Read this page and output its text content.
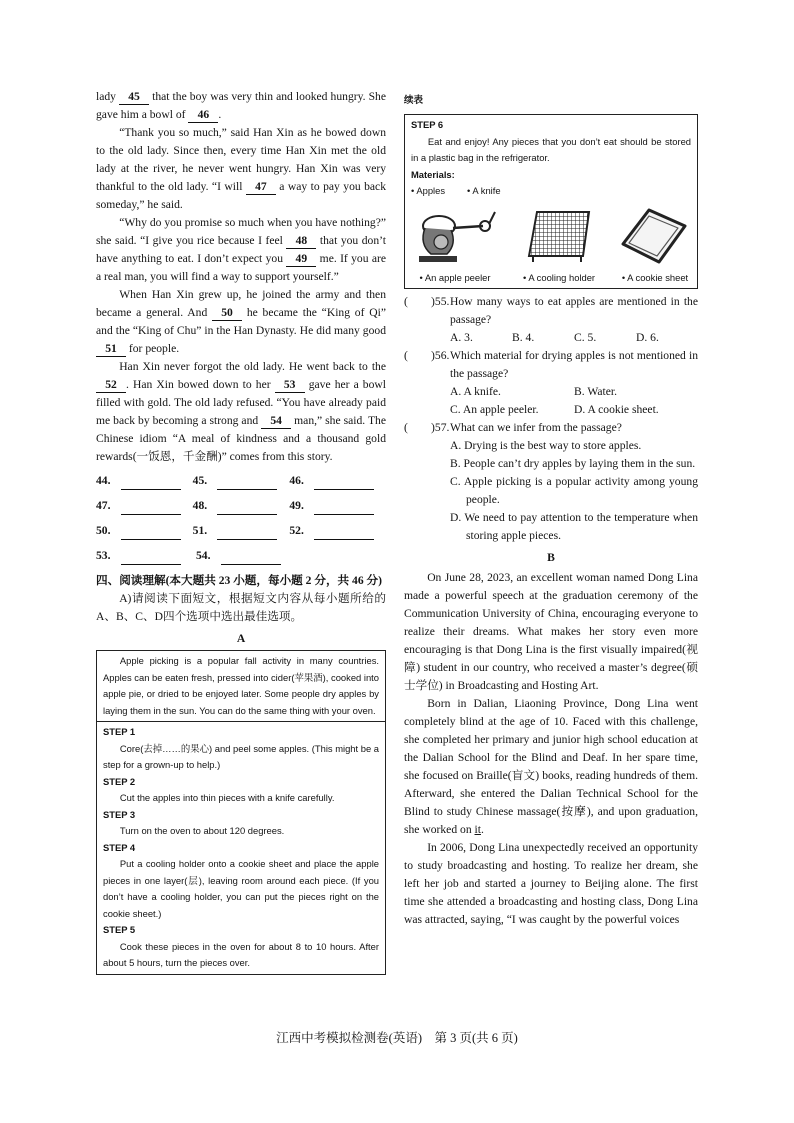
lady 45 that the boy was very thin and looked hungry. She gave him a bowl of 46 .

“Thank you so much,” said Han Xin as he bowed down to the old lady. Since then, every time Han Xin met the old lady at the river, he never went hungry. Han Xin was very thankful to the old lady. “I will 47 a way to pay you back someday,” he said.

“Why do you promise so much when you have nothing?” she said. “I give you rice because I feel 48 that you don’t have anything to eat. I don’t expect you 49 me. If you are a real man, you will find a way to support yourself.”

When Han Xin grew up, he joined the army and then became a general. And 50 he became the “King of Qi” and the “King of Chu” in the Han Dynasty. He did many good 51 for people.

Han Xin never forgot the old lady. He went back to the 52 . Han Xin bowed down to her 53 gave her a bowl filled with gold. The old lady refused. “You have already paid me back by becoming a strong and 54 man,” she said. The Chinese idiom “A meal of kindness and a thousand gold rewards(一饭恩，千金酬)” comes from this story.

44.	45.	46.
47.	48.	49.
50.	51.	52.
53.	54.

四、阅读理解(本大题共 23 小题，每小题 2 分，共 46 分)

A)请阅读下面短文，根据短文内容从每小题所给的A、B、C、D四个选项中选出最佳选项。

A

Apple picking is a popular fall activity in many countries. Apples can be eaten fresh, pressed into cider(苹果酒), cooked into apple pie, or dried to be enjoyed later. Some people dry apples by laying them in the sun. You can do the same thing with your oven.

STEP 1

Core(去掉……的果心) and peel some apples. (This might be a step for a grown-up to help.)

STEP 2

Cut the apples into thin pieces with a knife carefully.

STEP 3

Turn on the oven to about 120 degrees.

STEP 4

Put a cooling holder onto a cookie sheet and place the apple pieces in one layer(层), leaving room around each piece. (If you don’t have a cooling holder, you can put the pieces right on the cookie sheet.)

STEP 5

Cook these pieces in the oven for about 8 to 10 hours. After about 5 hours, turn the pieces over.

续表

STEP 6

Eat and enjoy! Any pieces that you don’t eat should be stored in a plastic bag in the refrigerator.

Materials:

• Apples • A knife

• An apple peeler	• A cooling holder	• A cookie sheet
(　　)55. How many ways to eat apples are mentioned in the passage?
A. 3.	B. 4.	C. 5.	D. 6.
(　　)56. Which material for drying apples is not mentioned in the passage?
A. A knife.	B. Water.
C. An apple peeler.	D. A cookie sheet.
(　　)57. What can we infer from the passage?

A. Drying is the best way to store apples.

B. People can’t dry apples by laying them in the sun.

C. Apple picking is a popular activity among young people.

D. We need to pay attention to the temperature when storing apple pieces.

B

On June 28, 2023, an excellent woman named Dong Lina made a powerful speech at the graduation ceremony of the Communication University of China, encouraging everyone to realize their dreams. What makes her story even more encouraging is that Dong Lina is the first visually impaired(视障) student in our country, who received a master’s degree(硕士学位) in Broadcasting and Hosting Art.

Born in Dalian, Liaoning Province, Dong Lina went completely blind at the age of 10. Faced with this challenge, she completed her primary and junior high school education at the Dalian School for the Blind and Deaf. In her spare time, she focused on Braille(盲文) books, reading hundreds of them. Afterward, she entered the Dalian Technical School for the Blind to study Chinese massage(按摩), and upon graduation, she worked on it.

In 2006, Dong Lina unexpectedly received an opportunity to study broadcasting and hosting. To realize her dream, she left her job and started a journey to Beijing alone. The first time she attended a broadcasting and hosting class, Dong Lina was attracted, saying, “I was caught by the powerful voices

江西中考模拟检测卷(英语)　第 3 页(共 6 页)
